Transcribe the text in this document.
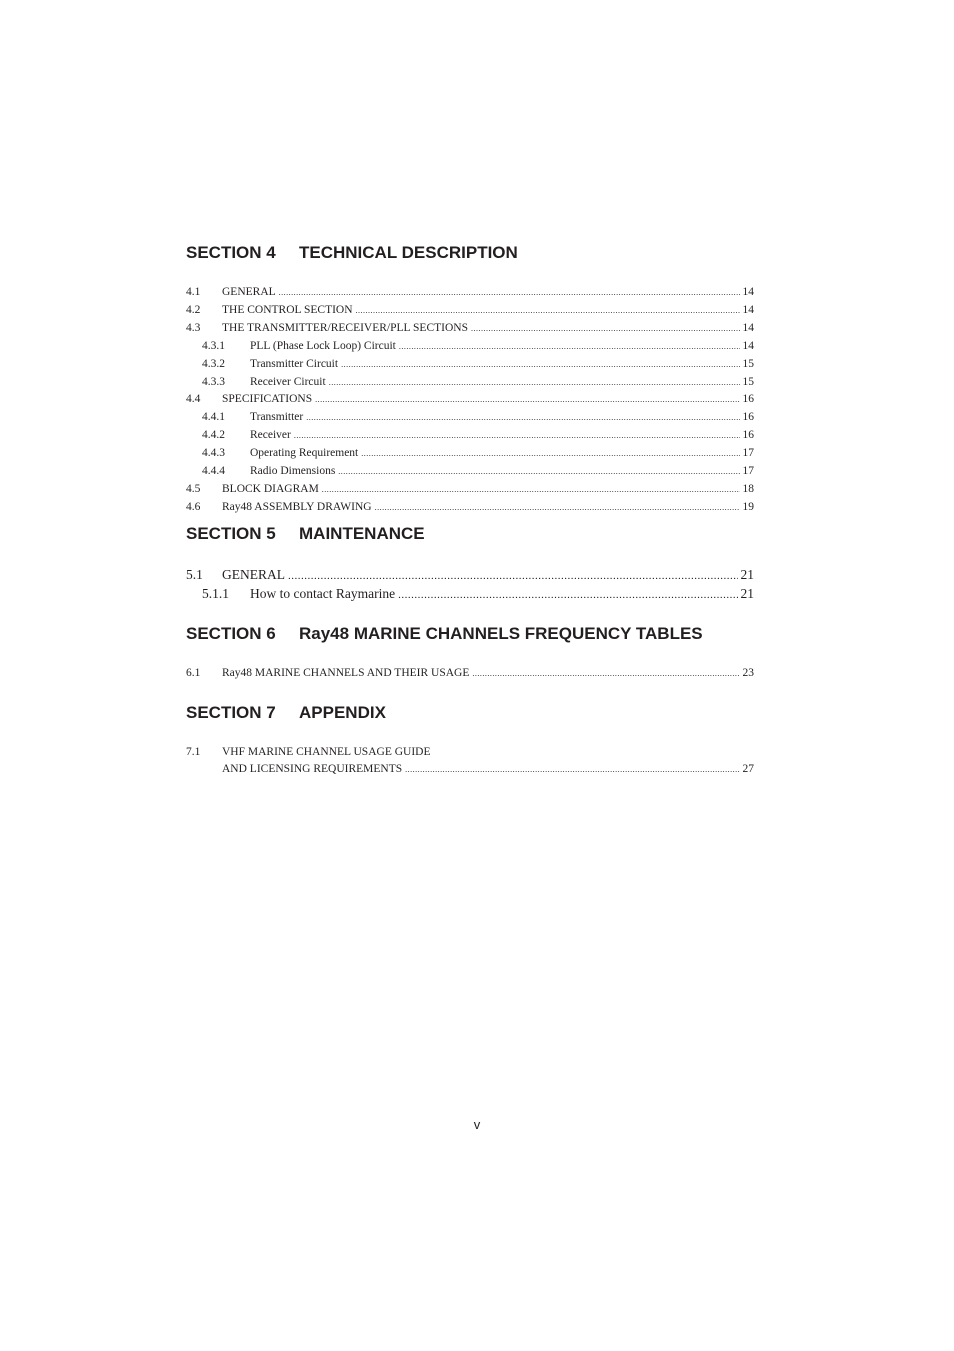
SECTION 4 TECHNICAL DESCRIPTION
4.1	GENERAL .....	14
4.2	THE CONTROL SECTION .....	14
4.3	THE TRANSMITTER/RECEIVER/PLL SECTIONS .....	14
4.3.1	PLL (Phase Lock Loop) Circuit .....	14
4.3.2	Transmitter Circuit .....	15
4.3.3	Receiver Circuit .....	15
4.4	SPECIFICATIONS .....	16
4.4.1	Transmitter .....	16
4.4.2	Receiver .....	16
4.4.3	Operating Requirement .....	17
4.4.4	Radio Dimensions .....	17
4.5	BLOCK DIAGRAM .....	18
4.6	Ray48 ASSEMBLY DRAWING .....	19
SECTION 5 MAINTENANCE
5.1	GENERAL .....	21
5.1.1	How to contact Raymarine .....	21
SECTION 6 Ray48 MARINE CHANNELS FREQUENCY TABLES
6.1	Ray48 MARINE CHANNELS AND THEIR USAGE .....	23
SECTION 7 APPENDIX
7.1	VHF MARINE CHANNEL USAGE GUIDE
AND LICENSING REQUIREMENTS .....	27
v
